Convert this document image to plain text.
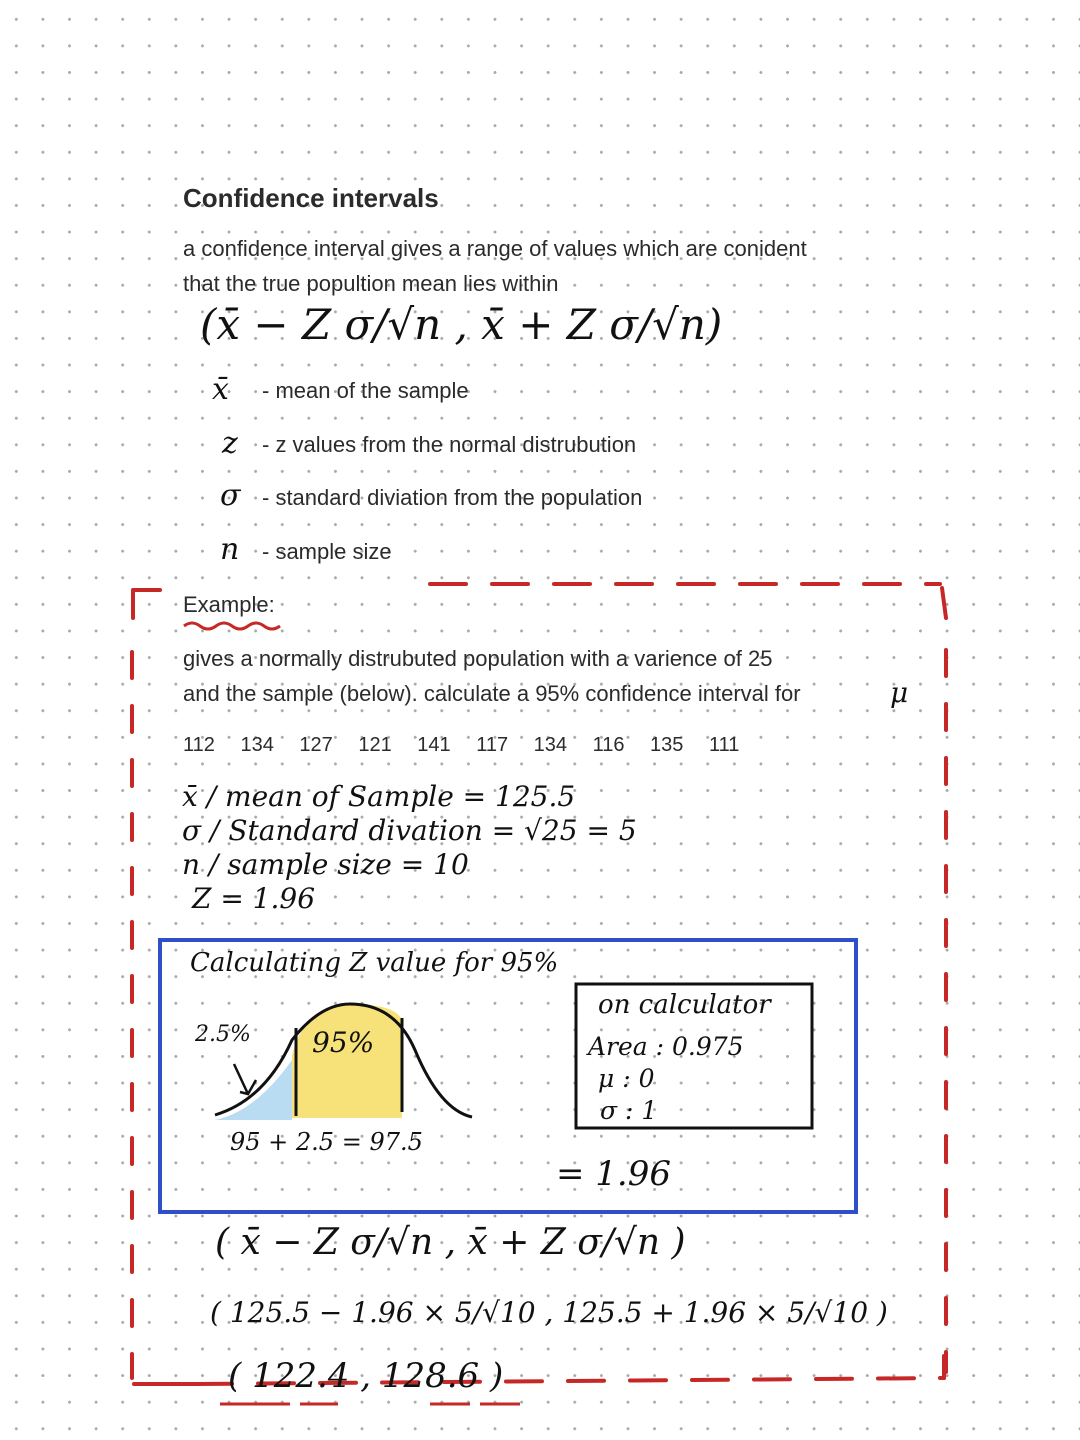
Confidence intervals
a confidence interval gives a range of values which are conident
that the true popultion mean lies within
(x̄ − Z σ/√n , x̄ + Z σ/√n)
x̄ - mean of the sample
z - z values from the normal distrubution
σ - standard diviation from the population
n - sample size
Example:
gives a normally distrubuted population with a varience of 25
and the sample (below). calculate a 95% confidence interval for	μ
112 134 127 121 141 117 134 116 135 111
x̄ / mean of Sample = 125.5
σ / Standard divation = √25 = 5
n / sample size = 10
Z = 1.96
Calculating Z value for 95%
2.5% 95%
95 + 2.5 = 97.5
on calculator
Area : 0.975
μ : 0
σ : 1
= 1.96
( x̄ − Z σ/√n , x̄ + Z σ/√n )
( 125.5 − 1.96 × 5/√10 , 125.5 + 1.96 × 5/√10 )
( 122.4 , 128.6 )
